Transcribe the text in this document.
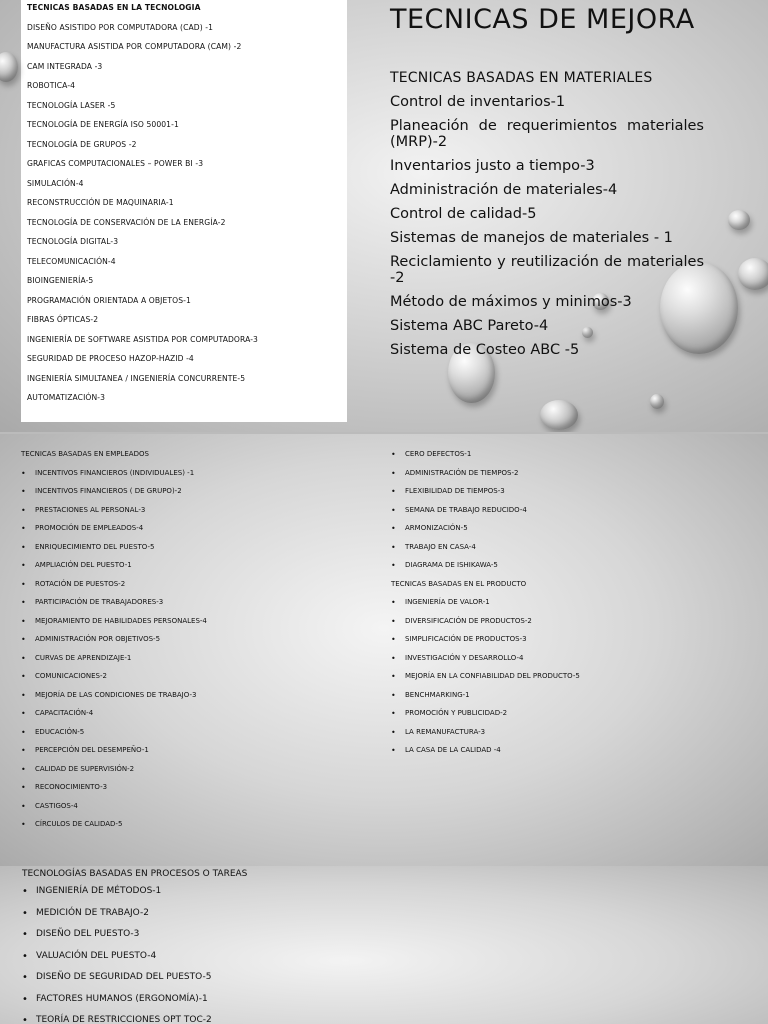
TECNICAS BASADAS EN LA TECNOLOGIA
DISEÑO ASISTIDO POR COMPUTADORA (CAD) -1
MANUFACTURA ASISTIDA POR COMPUTADORA (CAM) -2
CAM INTEGRADA -3
ROBOTICA-4
TECNOLOGÍA LASER -5
TECNOLOGÍA DE ENERGÍA ISO 50001-1
TECNOLOGÍA DE GRUPOS -2
GRAFICAS COMPUTACIONALES – POWER BI -3
SIMULACIÓN-4
RECONSTRUCCIÓN DE MAQUINARIA-1
TECNOLOGÍA DE CONSERVACIÓN DE LA ENERGÍA-2
TECNOLOGÍA DIGITAL-3
TELECOMUNICACIÓN-4
BIOINGENIERÍA-5
PROGRAMACIÓN ORIENTADA A OBJETOS-1
FIBRAS ÓPTICAS-2
INGENIERÍA DE SOFTWARE ASISTIDA POR COMPUTADORA-3
SEGURIDAD DE PROCESO HAZOP-HAZID -4
INGENIERÍA SIMULTANEA / INGENIERÍA CONCURRENTE-5
AUTOMATIZACIÓN-3
TECNICAS DE MEJORA
TECNICAS BASADAS EN MATERIALES
Control de inventarios-1
Planeación de requerimientos materiales (MRP)-2
Inventarios justo a tiempo-3
Administración de materiales-4
Control de calidad-5
Sistemas de manejos de materiales - 1
Reciclamiento y reutilización de materiales -2
Método de máximos y minimos-3
Sistema ABC Pareto-4
Sistema de Costeo ABC -5
TECNICAS BASADAS EN EMPLEADOS
• INCENTIVOS FINANCIEROS (INDIVIDUALES) -1
• INCENTIVOS FINANCIEROS ( DE GRUPO)-2
• PRESTACIONES AL PERSONAL-3
• PROMOCIÓN DE EMPLEADOS-4
• ENRIQUECIMIENTO DEL PUESTO-5
• AMPLIACIÓN DEL PUESTO-1
• ROTACIÓN DE PUESTOS-2
• PARTICIPACIÓN DE TRABAJADORES-3
• MEJORAMIENTO DE HABILIDADES PERSONALES-4
• ADMINISTRACIÓN POR OBJETIVOS-5
• CURVAS DE APRENDIZAJE-1
• COMUNICACIONES-2
• MEJORÍA DE LAS CONDICIONES DE TRABAJO-3
• CAPACITACIÓN-4
• EDUCACIÓN-5
• PERCEPCIÓN DEL DESEMPEÑO-1
• CALIDAD DE SUPERVISIÓN-2
• RECONOCIMIENTO-3
• CASTIGOS-4
• CÍRCULOS DE CALIDAD-5
• CERO DEFECTOS-1
• ADMINISTRACIÓN DE TIEMPOS-2
• FLEXIBILIDAD DE TIEMPOS-3
• SEMANA DE TRABAJO REDUCIDO-4
• ARMONIZACIÓN-5
• TRABAJO EN CASA-4
• DIAGRAMA DE ISHIKAWA-5
TECNICAS BASADAS EN EL PRODUCTO
• INGENIERÍA DE VALOR-1
• DIVERSIFICACIÓN DE PRODUCTOS-2
• SIMPLIFICACIÓN DE PRODUCTOS-3
• INVESTIGACIÓN Y DESARROLLO-4
• MEJORÍA EN LA CONFIABILIDAD DEL PRODUCTO-5
• BENCHMARKING-1
• PROMOCIÓN Y PUBLICIDAD-2
• LA REMANUFACTURA-3
• LA CASA DE LA CALIDAD -4
TECNOLOGÍAS BASADAS EN PROCESOS O TAREAS
• INGENIERÍA DE MÉTODOS-1
• MEDICIÓN DE TRABAJO-2
• DISEÑO DEL PUESTO-3
• VALUACIÓN DEL PUESTO-4
• DISEÑO DE SEGURIDAD DEL PUESTO-5
• FACTORES HUMANOS (ERGONOMÍA)-1
• TEORÍA DE RESTRICCIONES OPT TOC-2
